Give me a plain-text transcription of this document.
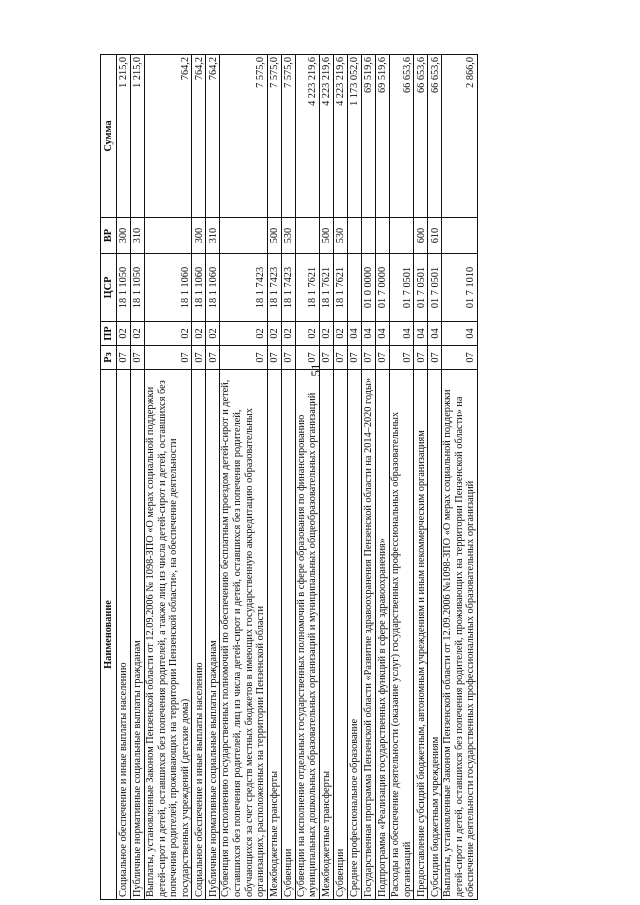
51
Наименование	Рз	ПР	ЦСР	ВР	Сумма
Социальное обеспечение и иные выплаты населению	07	02	18 1 1050	300	1 215,0
Публичные нормативные социальные выплаты гражданам	07	02	18 1 1050	310	1 215,0
Выплаты, установленные Законом Пензенской области от 12.09.2006 № 1098-ЗПО «О мерах социальной поддержки детей-сирот и детей, оставшихся без попечения родителей, а также лиц из числа детей-сирот и детей, оставшихся без попечения родителей, проживающих на территории Пензенской области», на обеспечение деятельности государственных учреждений (детские дома)	07	02	18 1 1060		764,2
Социальное обеспечение и иные выплаты населению	07	02	18 1 1060	300	764,2
Публичные нормативные социальные выплаты гражданам	07	02	18 1 1060	310	764,2
Субвенция по исполнению государственных полномочий по обеспечению бесплатным проездом детей-сирот и детей, оставшихся без попечения родителей, лиц из числа детей-сирот и детей, оставшихся без попечения родителей, обучающихся за счет средств местных бюджетов в имеющих государственную аккредитацию образовательных организациях, расположенных на территории Пензенской области	07	02	18 1 7423		7 575,0
Межбюджетные трансферты	07	02	18 1 7423	500	7 575,0
Субвенции	07	02	18 1 7423	530	7 575,0
Субвенции на исполнение отдельных государственных полномочий в сфере образования по финансированию муниципальных дошкольных образовательных организаций и муниципальных общеобразовательных организаций	07	02	18 1 7621		4 223 219,6
Межбюджетные трансферты	07	02	18 1 7621	500	4 223 219,6
Субвенции	07	02	18 1 7621	530	4 223 219,6
Среднее профессиональное образование	07	04			1 173 052,0
Государственная программа Пензенской области «Развитие здравоохранения Пензенской области на 2014–2020 годы»	07	04	01 0 0000		69 519,6
Подпрограмма «Реализация государственных функций в сфере здравоохранения»	07	04	01 7 0000		69 519,6
Расходы на обеспечение деятельности (оказание услуг) государственных профессиональных образовательных организаций	07	04	01 7 0501		66 653,6
Предоставление субсидий бюджетным, автономным учреждениям и иным некоммерческим организациям	07	04	01 7 0501	600	66 653,6
Субсидии бюджетным учреждениям	07	04	01 7 0501	610	66 653,6
Выплаты, установленные Законом Пензенской области от 12.09.2006 №1098-ЗПО «О мерах социальной поддержки детей-сирот и детей, оставшихся без попечения родителей, проживающих на территории Пензенской области» на обеспечение деятельности государственных профессиональных образовательных организаций	07	04	01 7 1010		2 866,0
